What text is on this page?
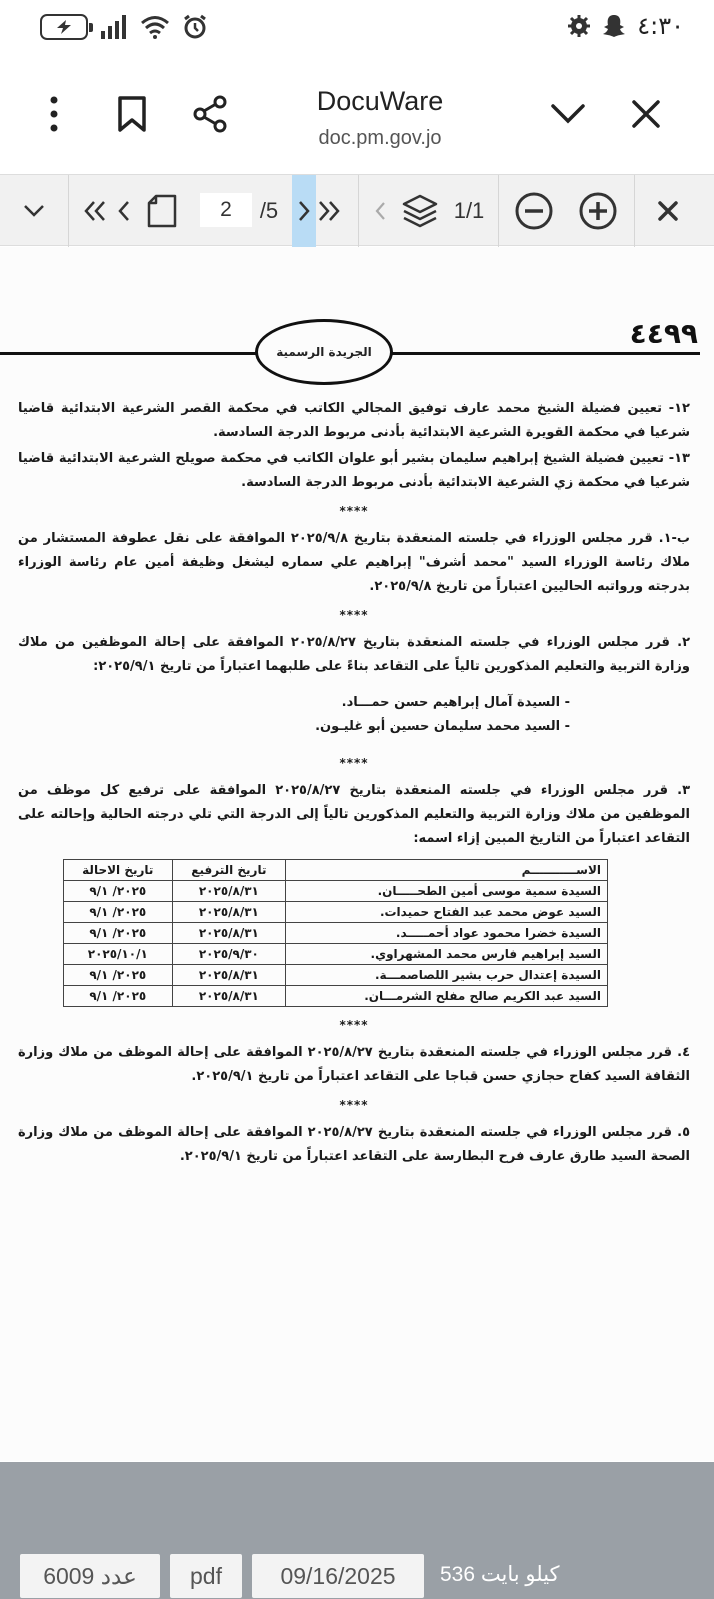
٤:٣٠
DocuWare
doc.pm.gov.jo
2	/5	1/1
الجريدة الرسمية
٤٤٩٩

١٢- تعيين فضيلة الشيخ محمد عارف توفيق المجالي الكاتب في محكمة القصر الشرعية الابتدائية قاضيا شرعيا في محكمة القويرة الشرعية الابتدائية بأدنى مربوط الدرجة السادسة.

١٣- تعيين فضيلة الشيخ إبراهيم سليمان بشير أبو علوان الكاتب في محكمة صويلح الشرعية الابتدائية قاضيا شرعيا في محكمة زي الشرعية الابتدائية بأدنى مربوط الدرجة السادسة.

****

ب-١. قرر مجلس الوزراء في جلسته المنعقدة بتاريخ ٢٠٢٥/٩/٨ الموافقة على نقل عطوفة المستشار من ملاك رئاسة الوزراء السيد "محمد أشرف" إبراهيم علي سماره ليشغل وظيفة أمين عام رئاسة الوزراء بدرجته ورواتبه الحاليين اعتباراً من تاريخ ٢٠٢٥/٩/٨.

****

٢. قرر مجلس الوزراء في جلسته المنعقدة بتاريخ ٢٠٢٥/٨/٢٧ الموافقة على إحالة الموظفين من ملاك وزارة التربية والتعليم المذكورين تالياً على التقاعد بناءً على طلبهما اعتباراً من تاريخ ٢٠٢٥/٩/١:

- السيدة آمال إبراهيم حسن حمـــاد.
- السيد محمد سليمان حسين أبو غليـون.
****

٣. قرر مجلس الوزراء في جلسته المنعقدة بتاريخ ٢٠٢٥/٨/٢٧ الموافقة على ترفيع كل موظف من الموظفين من ملاك وزارة التربية والتعليم المذكورين تالياً إلى الدرجة التي تلي درجته الحالية وإحالته على التقاعد اعتباراً من التاريخ المبين إزاء اسمه:

الاســـــــــــم	تاريخ الترفيع	تاريخ الاحالة
السيدة سمية موسى أمين الطحـــــان.	٢٠٢٥/٨/٣١	٢٠٢٥/ ٩/١
السيد عوض محمد عبد الفتاح حميدات.	٢٠٢٥/٨/٣١	٢٠٢٥/ ٩/١
السيدة خضرا محمود عواد أحمـــــد.	٢٠٢٥/٨/٣١	٢٠٢٥/ ٩/١
السيد إبراهيم فارس محمد المشهراوي.	٢٠٢٥/٩/٣٠	٢٠٢٥/١٠/١
السيدة إعتدال حرب بشير اللصاصمـــة.	٢٠٢٥/٨/٣١	٢٠٢٥/ ٩/١
السيد عبد الكريم صالح مفلح الشرمـــان.	٢٠٢٥/٨/٣١	٢٠٢٥/ ٩/١
****

٤. قرر مجلس الوزراء في جلسته المنعقدة بتاريخ ٢٠٢٥/٨/٢٧ الموافقة على إحالة الموظف من ملاك وزارة الثقافة السيد كفاح حجازي حسن قباجا على التقاعد اعتباراً من تاريخ ٢٠٢٥/٩/١.

****

٥. قرر مجلس الوزراء في جلسته المنعقدة بتاريخ ٢٠٢٥/٨/٢٧ الموافقة على إحالة الموظف من ملاك وزارة الصحة السيد طارق عارف فرح البطارسة على التقاعد اعتباراً من تاريخ ٢٠٢٥/٩/١.

عدد 6009	pdf	09/16/2025	كيلو بايت 536
